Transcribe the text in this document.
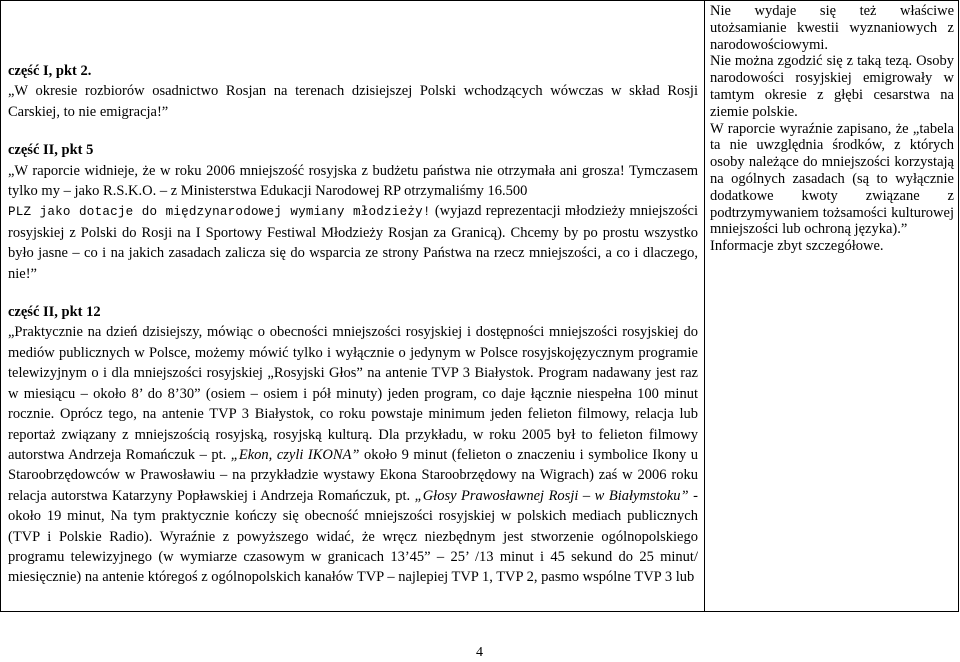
część I, pkt 2.

„W okresie rozbiorów osadnictwo Rosjan na terenach dzisiejszej Polski wchodzących wówczas w skład Rosji Carskiej, to nie emigracja!”

część II, pkt 5

„W raporcie widnieje, że w roku 2006 mniejszość rosyjska z budżetu państwa nie otrzymała ani grosza! Tymczasem tylko my – jako R.S.K.O. – z Ministerstwa Edukacji Narodowej RP otrzymaliśmy 16.500
PLZ jako dotacje do międzynarodowej wymiany młodzieży! (wyjazd reprezentacji młodzieży mniejszości rosyjskiej z Polski do Rosji na I Sportowy Festiwal Młodzieży Rosjan za Granicą). Chcemy by po prostu wszystko było jasne – co i na jakich zasadach zalicza się do wsparcia ze strony Państwa na rzecz mniejszości, a co i dlaczego, nie!”

część II, pkt 12

„Praktycznie na dzień dzisiejszy, mówiąc o obecności mniejszości rosyjskiej i dostępności mniejszości rosyjskiej do mediów publicznych w Polsce, możemy mówić tylko i wyłącznie o jedynym w Polsce rosyjskojęzycznym programie telewizyjnym o i dla mniejszości rosyjskiej „Rosyjski Głos” na antenie TVP 3 Białystok. Program nadawany jest raz w miesiącu – około 8’ do 8’30” (osiem – osiem i pół minuty) jeden program, co daje łącznie niespełna 100 minut rocznie. Oprócz tego, na antenie TVP 3 Białystok, co roku powstaje minimum jeden felieton filmowy, relacja lub reportaż związany z mniejszością rosyjską, rosyjską kulturą. Dla przykładu, w roku 2005 był to felieton filmowy autorstwa Andrzeja Romańczuk – pt. „Ekon, czyli IKONA” około 9 minut (felieton o znaczeniu i symbolice Ikony u Staroobrzędowców w Prawosławiu – na przykładzie wystawy Ekona Staroobrzędowy na Wigrach) zaś w 2006 roku relacja autorstwa Katarzyny Popławskiej i Andrzeja Romańczuk, pt. „Głosy Prawosławnej Rosji – w Białymstoku” - około 19 minut, Na tym praktycznie kończy się obecność mniejszości rosyjskiej w polskich mediach publicznych (TVP i Polskie Radio). Wyraźnie z powyższego widać, że wręcz niezbędnym jest stworzenie ogólnopolskiego programu telewizyjnego (w wymiarze czasowym w granicach 13’45” – 25’ /13 minut i 45 sekund do 25 minut/ miesięcznie) na antenie któregoś z ogólnopolskich kanałów TVP – najlepiej TVP 1, TVP 2, pasmo wspólne TVP 3 lub

Nie wydaje się też właściwe utożsamianie kwestii wyznaniowych z narodowościowymi.

Nie można zgodzić się z taką tezą. Osoby narodowości rosyjskiej emigrowały w tamtym okresie z głębi cesarstwa na ziemie polskie.

W raporcie wyraźnie zapisano, że „tabela ta nie uwzględnia środków, z których osoby należące do mniejszości korzystają na ogólnych zasadach (są to wyłącznie dodatkowe kwoty związane z podtrzymywaniem tożsamości kulturowej mniejszości lub ochroną języka).”

Informacje zbyt szczegółowe.

4
